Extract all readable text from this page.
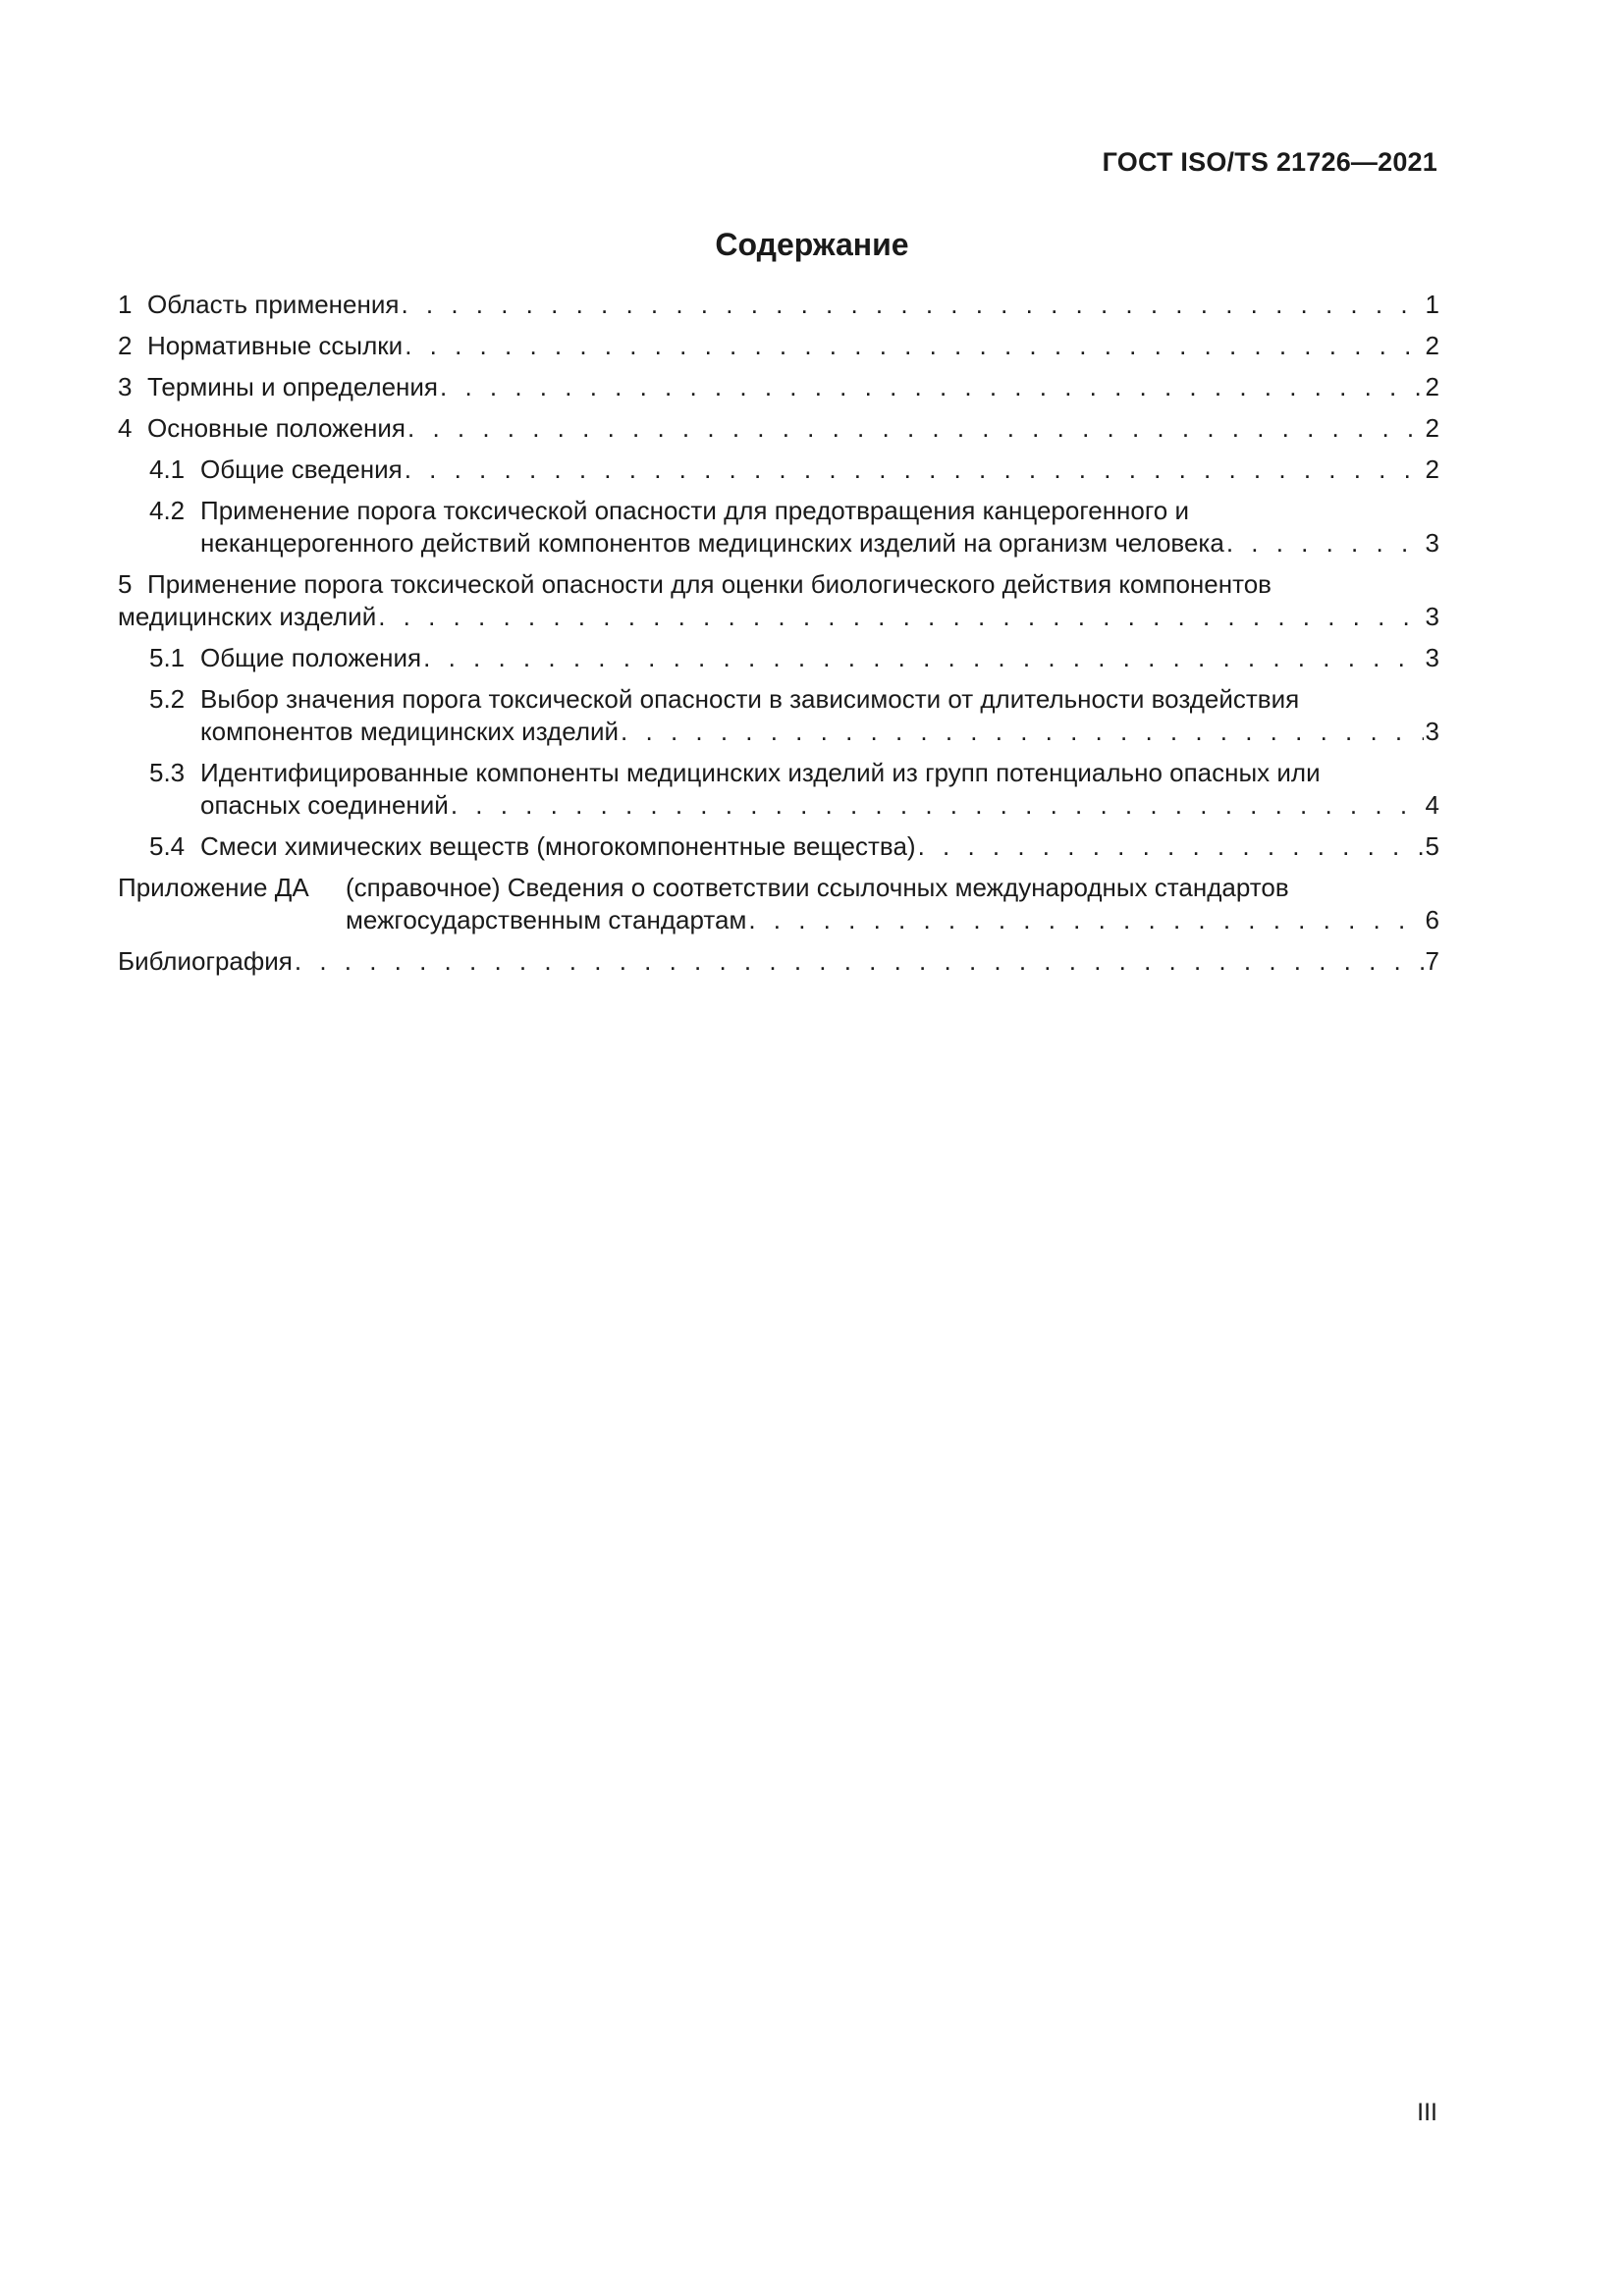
ГОСТ ISO/TS 21726—2021
Содержание
1 Область применения . . .	1
2 Нормативные ссылки . . .	2
3 Термины и определения . . .	2
4 Основные положения . . .	2
4.1 Общие сведения . . .	2
4.2 Применение порога токсической опасности для предотвращения канцерогенного и
неканцерогенного действий компонентов медицинских изделий на организм человека . . .	3
5 Применение порога токсической опасности для оценки биологического действия компонентов
медицинских изделий . . .	3
5.1 Общие положения . . .	3
5.2 Выбор значения порога токсической опасности в зависимости от длительности воздействия
компонентов медицинских изделий . . .	3
5.3 Идентифицированные компоненты медицинских изделий из групп потенциально опасных или
опасных соединений . . .	4
5.4 Смеси химических веществ (многокомпонентные вещества) . . .	5
Приложение ДА	(справочное) Сведения о соответствии ссылочных международных стандартов
межгосударственным стандартам . . .	6
Библиография . . .	7
III
